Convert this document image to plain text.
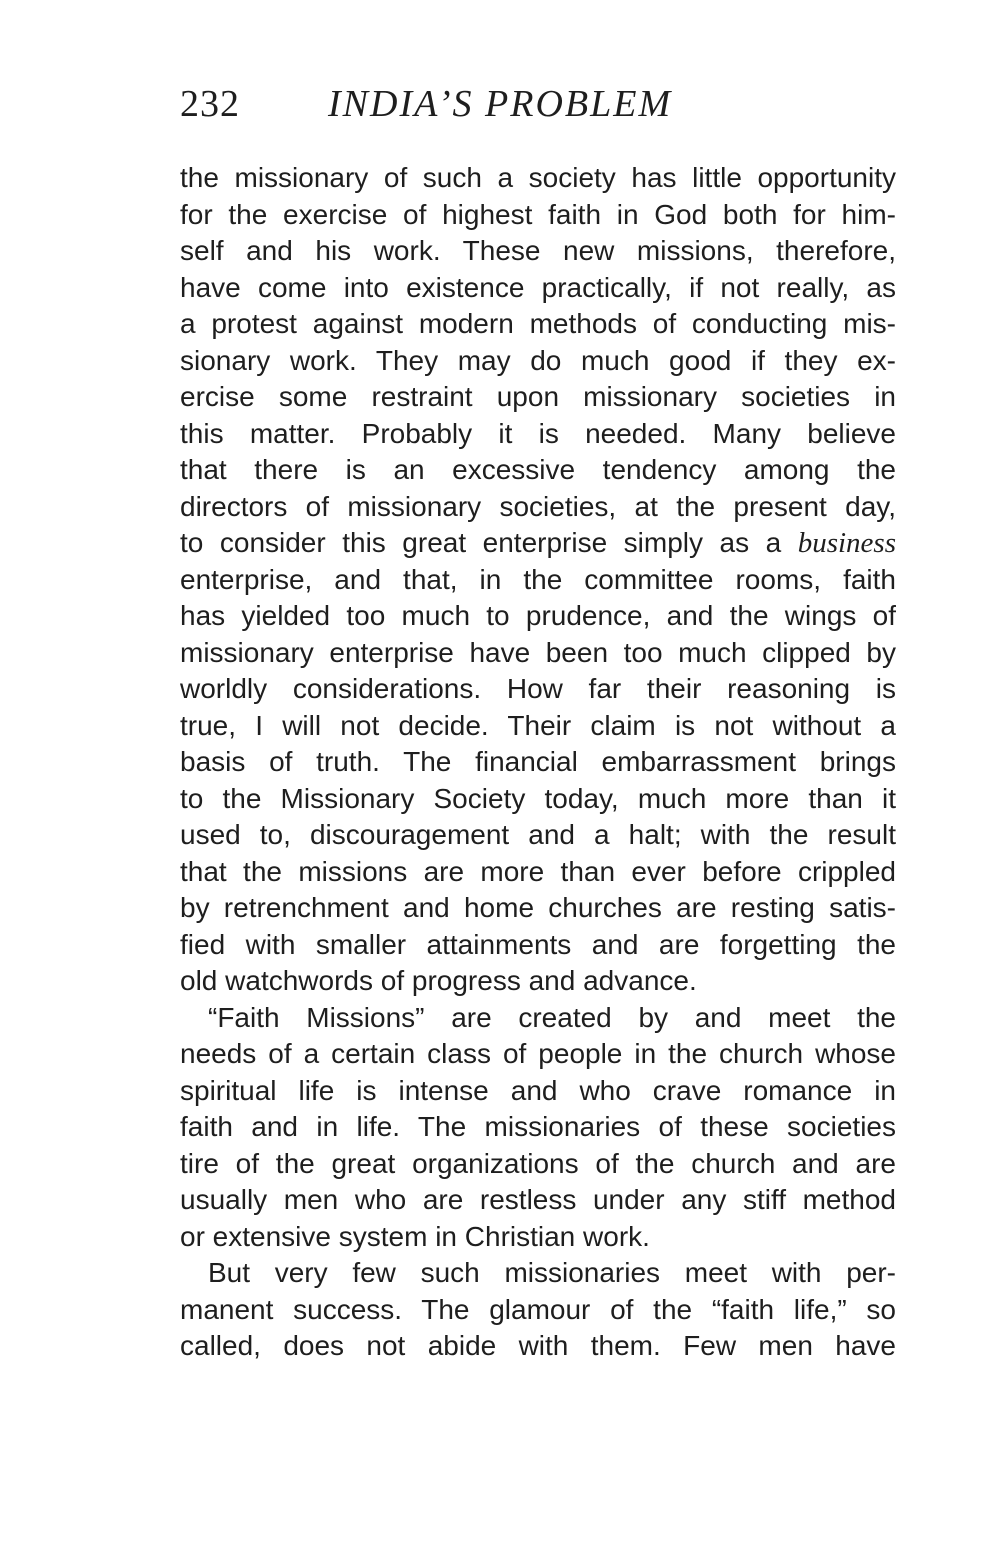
232 INDIA’S PROBLEM
the missionary of such a society has little opportunity
for the exercise of highest faith in God both for him-
self and his work. These new missions, therefore,
have come into existence practically, if not really, as
a protest against modern methods of conducting mis-
sionary work. They may do much good if they ex-
ercise some restraint upon missionary societies in
this matter. Probably it is needed. Many believe
that there is an excessive tendency among the
directors of missionary societies, at the present day,
to consider this great enterprise simply as a business
enterprise, and that, in the committee rooms, faith
has yielded too much to prudence, and the wings of
missionary enterprise have been too much clipped by
worldly considerations. How far their reasoning is
true, I will not decide. Their claim is not without a
basis of truth. The financial embarrassment brings
to the Missionary Society today, much more than it
used to, discouragement and a halt; with the result
that the missions are more than ever before crippled
by retrenchment and home churches are resting satis-
fied with smaller attainments and are forgetting the
old watchwords of progress and advance.
“Faith Missions” are created by and meet the
needs of a certain class of people in the church whose
spiritual life is intense and who crave romance in
faith and in life. The missionaries of these societies
tire of the great organizations of the church and are
usually men who are restless under any stiff method
or extensive system in Christian work.
But very few such missionaries meet with per-
manent success. The glamour of the “faith life,” so
called, does not abide with them. Few men have
